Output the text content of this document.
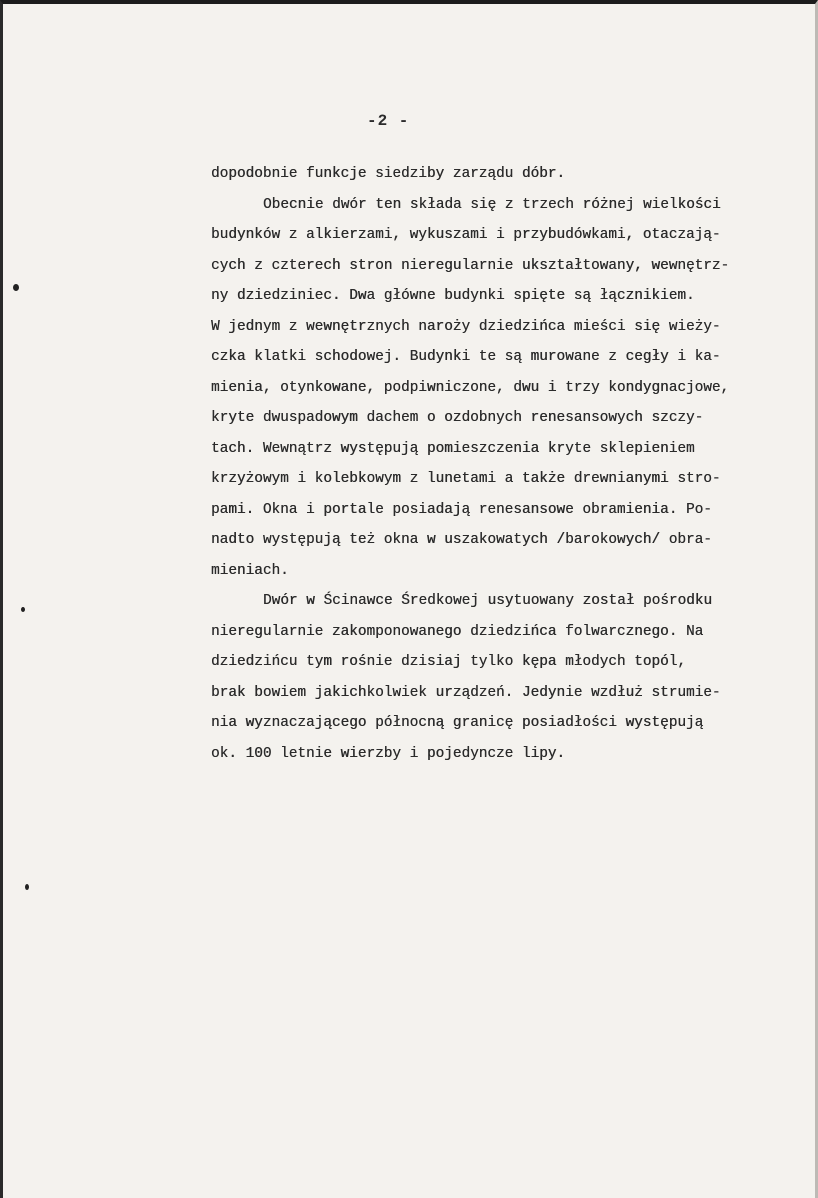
-2 -
dopodobnie funkcje siedziby zarządu dóbr.
Obecnie dwór ten składa się z trzech różnej wielkości
budynków z alkierzami, wykuszami i przybudówkami, otaczają-
cych z czterech stron nieregularnie ukształtowany, wewnętrz-
ny dziedziniec. Dwa główne budynki spięte są łącznikiem.
W jednym z wewnętrznych naroży dziedzińca mieści się wieży-
czka klatki schodowej. Budynki te są murowane z cegły i ka-
mienia, otynkowane, podpiwniczone, dwu i trzy kondygnacjowe,
kryte dwuspadowym dachem o ozdobnych renesansowych szczy-
tach. Wewnątrz występują pomieszczenia kryte sklepieniem
krzyżowym i kolebkowym z lunetami a także drewnianymi stro-
pami. Okna i portale posiadają renesansowe obramienia. Po-
nadto występują też okna w uszakowatych /barokowych/ obra-
mieniach.
Dwór w Ścinawce Średkowej usytuowany został pośrodku
nieregularnie zakomponowanego dziedzińca folwarcznego. Na
dziedzińcu tym rośnie dzisiaj tylko kępa młodych topól,
brak bowiem jakichkolwiek urządzeń. Jedynie wzdłuż strumie-
nia wyznaczającego północną granicę posiadłości występują
ok. 100 letnie wierzby i pojedyncze lipy.
